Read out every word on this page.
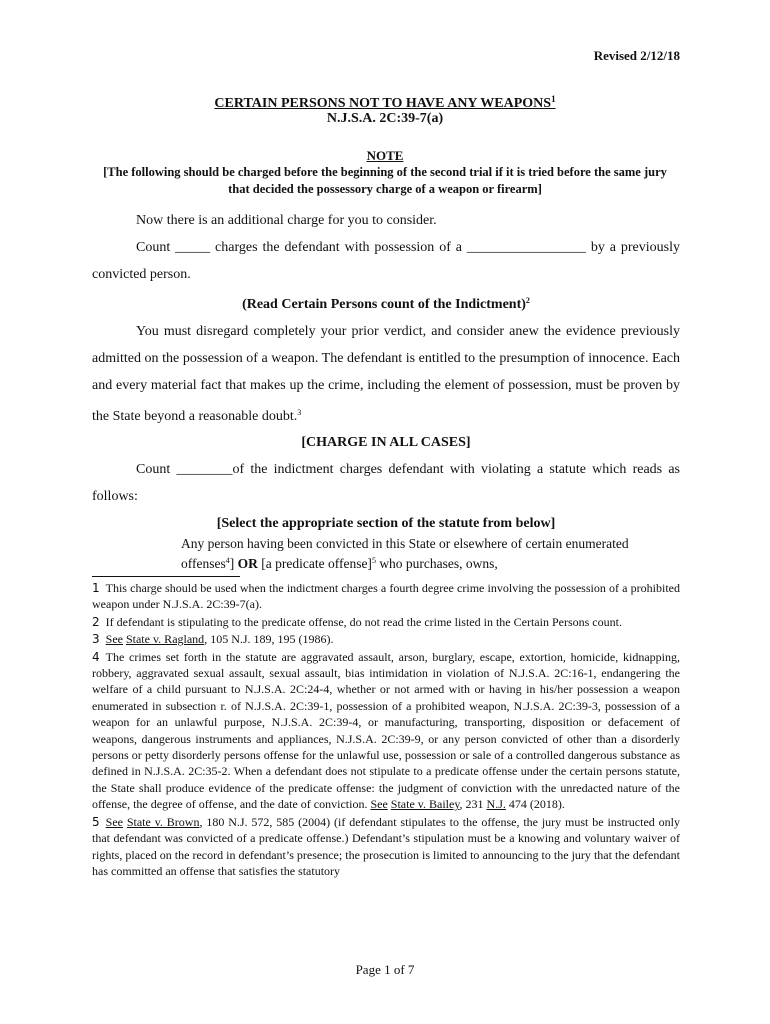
Revised 2/12/18
CERTAIN PERSONS NOT TO HAVE ANY WEAPONS$^1$
N.J.S.A. 2C:39-7(a)
NOTE
[The following should be charged before the beginning of the second trial if it is tried before the same jury that decided the possessory charge of a weapon or firearm]
Now there is an additional charge for you to consider.
Count _____ charges the defendant with possession of a _________________ by a previously convicted person.
(Read Certain Persons count of the Indictment)$^2$
You must disregard completely your prior verdict, and consider anew the evidence previously admitted on the possession of a weapon. The defendant is entitled to the presumption of innocence. Each and every material fact that makes up the crime, including the element of possession, must be proven by the State beyond a reasonable doubt.$^3$
[CHARGE IN ALL CASES]
Count ________of the indictment charges defendant with violating a statute which reads as follows:
[Select the appropriate section of the statute from below]
Any person having been convicted in this State or elsewhere of certain enumerated offenses$^4$] OR [a predicate offense]$^5$ who purchases, owns,
1 This charge should be used when the indictment charges a fourth degree crime involving the possession of a prohibited weapon under N.J.S.A. 2C:39-7(a).
2 If defendant is stipulating to the predicate offense, do not read the crime listed in the Certain Persons count.
3 See State v. Ragland, 105 N.J. 189, 195 (1986).
4 The crimes set forth in the statute are aggravated assault, arson, burglary, escape, extortion, homicide, kidnapping, robbery, aggravated sexual assault, sexual assault, bias intimidation in violation of N.J.S.A. 2C:16-1, endangering the welfare of a child pursuant to N.J.S.A. 2C:24-4, whether or not armed with or having in his/her possession a weapon enumerated in subsection r. of N.J.S.A. 2C:39-1, possession of a prohibited weapon, N.J.S.A. 2C:39-3, possession of a weapon for an unlawful purpose, N.J.S.A. 2C:39-4, or manufacturing, transporting, disposition or defacement of weapons, dangerous instruments and appliances, N.J.S.A. 2C:39-9, or any person convicted of other than a disorderly persons or petty disorderly persons offense for the unlawful use, possession or sale of a controlled dangerous substance as defined in N.J.S.A. 2C:35-2. When a defendant does not stipulate to a predicate offense under the certain persons statute, the State shall produce evidence of the predicate offense: the judgment of conviction with the unredacted nature of the offense, the degree of offense, and the date of conviction. See State v. Bailey, 231 N.J. 474 (2018).
5 See State v. Brown, 180 N.J. 572, 585 (2004) (if defendant stipulates to the offense, the jury must be instructed only that defendant was convicted of a predicate offense.) Defendant’s stipulation must be a knowing and voluntary waiver of rights, placed on the record in defendant’s presence; the prosecution is limited to announcing to the jury that the defendant has committed an offense that satisfies the statutory
Page 1 of 7
